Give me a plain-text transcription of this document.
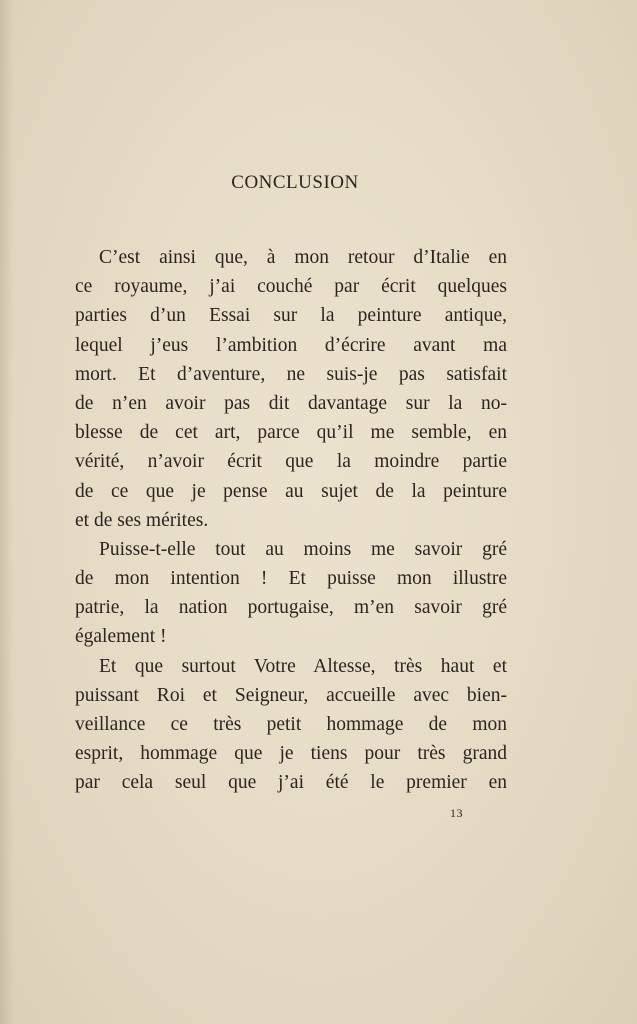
CONCLUSION
C’est ainsi que, à mon retour d’Italie en
ce royaume, j’ai couché par écrit quelques
parties d’un Essai sur la peinture antique,
lequel j’eus l’ambition d’écrire avant ma
mort. Et d’aventure, ne suis-je pas satisfait
de n’en avoir pas dit davantage sur la no-
blesse de cet art, parce qu’il me semble, en
vérité, n’avoir écrit que la moindre partie
de ce que je pense au sujet de la peinture
et de ses mérites.
Puisse-t-elle tout au moins me savoir gré
de mon intention ! Et puisse mon illustre
patrie, la nation portugaise, m’en savoir gré
également !
Et que surtout Votre Altesse, très haut et
puissant Roi et Seigneur, accueille avec bien-
veillance ce très petit hommage de mon
esprit, hommage que je tiens pour très grand
par cela seul que j’ai été le premier en
13
